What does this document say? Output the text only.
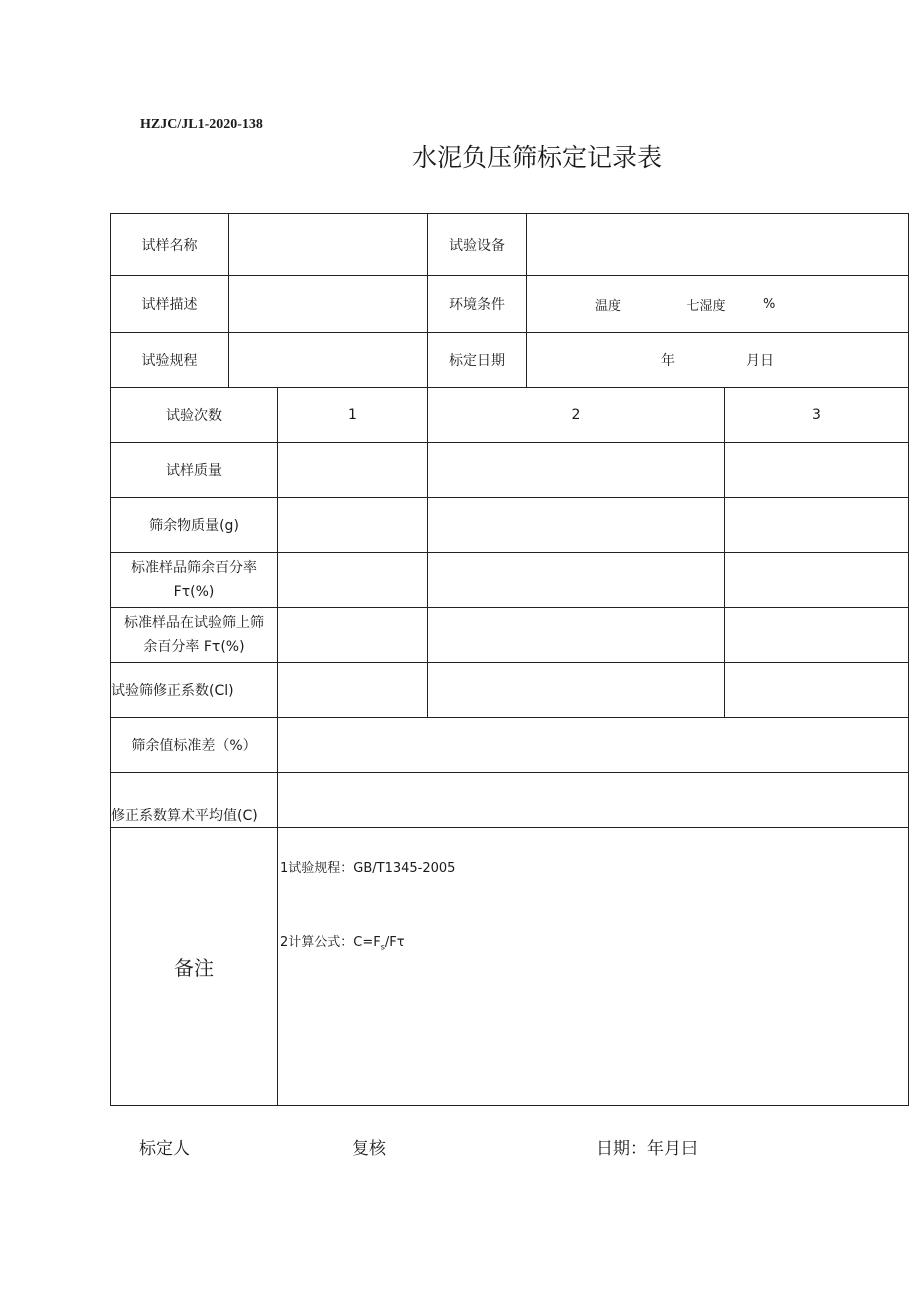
HZJC/JL1-2020-138
水泥负压筛标定记录表
试样名称			试验设备		
试样描述			环境条件	温度 七湿度 %	

试验规程			标定日期	年 月日	
试验次数		1	2		3
试样质量					
筛余物质量(g)					

标准样品筛余百分率
Fτ(%)					

标准样品在试验筛上筛
余百分率 Fτ(%)					

试验筛修正系数(Cl)					
筛余值标准差（%）					
修正系数算术平均值(C)					
备注		1试验规程：GB/T1345-2005
2计算公式：$C=F_s/F\tau$			
标定人	复核	日期：年月曰
